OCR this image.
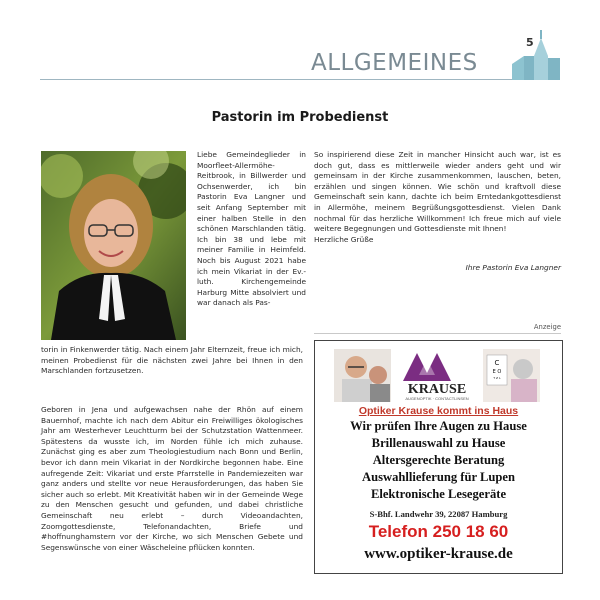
ALLGEMEINES
5
Pastorin im Probedienst
Liebe Gemeindeglieder in Moorfleet-Allermöhe-Reitbrook, in Billwerder und Ochsenwerder, ich bin Pastorin Eva Langner und seit Anfang September mit einer halben Stelle in den schönen Marschlanden tätig. Ich bin 38 und lebe mit meiner Familie in Heimfeld. Noch bis August 2021 habe ich mein Vikariat in der Ev.-luth. Kirchengemeinde Harburg Mitte absolviert und war danach als Pas-
torin in Finkenwerder tätig. Nach einem Jahr Elternzeit, freue ich mich, meinen Probedienst für die nächsten zwei Jahre bei Ihnen in den Marschlanden fortzusetzen.
Geboren in Jena und aufgewachsen nahe der Rhön auf einem Bauernhof, machte ich nach dem Abitur ein Freiwilliges ökologisches Jahr am Westerhever Leuchtturm bei der Schutzstation Wattenmeer. Spätestens da wusste ich, im Norden fühle ich mich zuhause. Zunächst ging es aber zum Theologiestudium nach Bonn und Berlin, bevor ich dann mein Vikariat in der Nordkirche begonnen habe. Eine aufregende Zeit: Vikariat und erste Pfarrstelle in Pandemiezeiten war ganz anders und stellte vor neue Herausforderungen, das haben Sie sicher auch so erlebt. Mit Kreativität haben wir in der Gemeinde Wege zu den Menschen gesucht und gefunden, und dabei christliche Gemeinschaft neu erlebt – durch Videoandachten, Zoomgottesdienste, Telefonandachten, Briefe und #hoffnunghamstern vor der Kirche, wo sich Menschen Gebete und Segenswünsche von einer Wäscheleine pflücken konnten.
So inspirierend diese Zeit in mancher Hinsicht auch war, ist es doch gut, dass es mittlerweile wieder anders geht und wir gemeinsam in der Kirche zusammenkommen, lauschen, beten, erzählen und singen können. Wie schön und kraftvoll diese Gemeinschaft sein kann, dachte ich beim Erntedankgottesdienst in Allermöhe, meinem Begrüßungsgottesdienst. Vielen Dank nochmal für das herzliche Willkommen! Ich freue mich auf viele weitere Begegnungen und Gottesdienste mit Ihnen!
Herzliche Grüße
Ihre Pastorin Eva Langner
Anzeige
KRAUSE
AUGENOPTIK · CONTACTLINSEN
C
E O
T Z L
Optiker Krause kommt ins Haus
Wir prüfen Ihre Augen zu Hause
Brillenauswahl zu Hause
Altersgerechte Beratung
Auswahllieferung für Lupen
Elektronische Lesegeräte
S-Bhf. Landwehr 39, 22087 Hamburg
Telefon 250 18 60
www.optiker-krause.de
